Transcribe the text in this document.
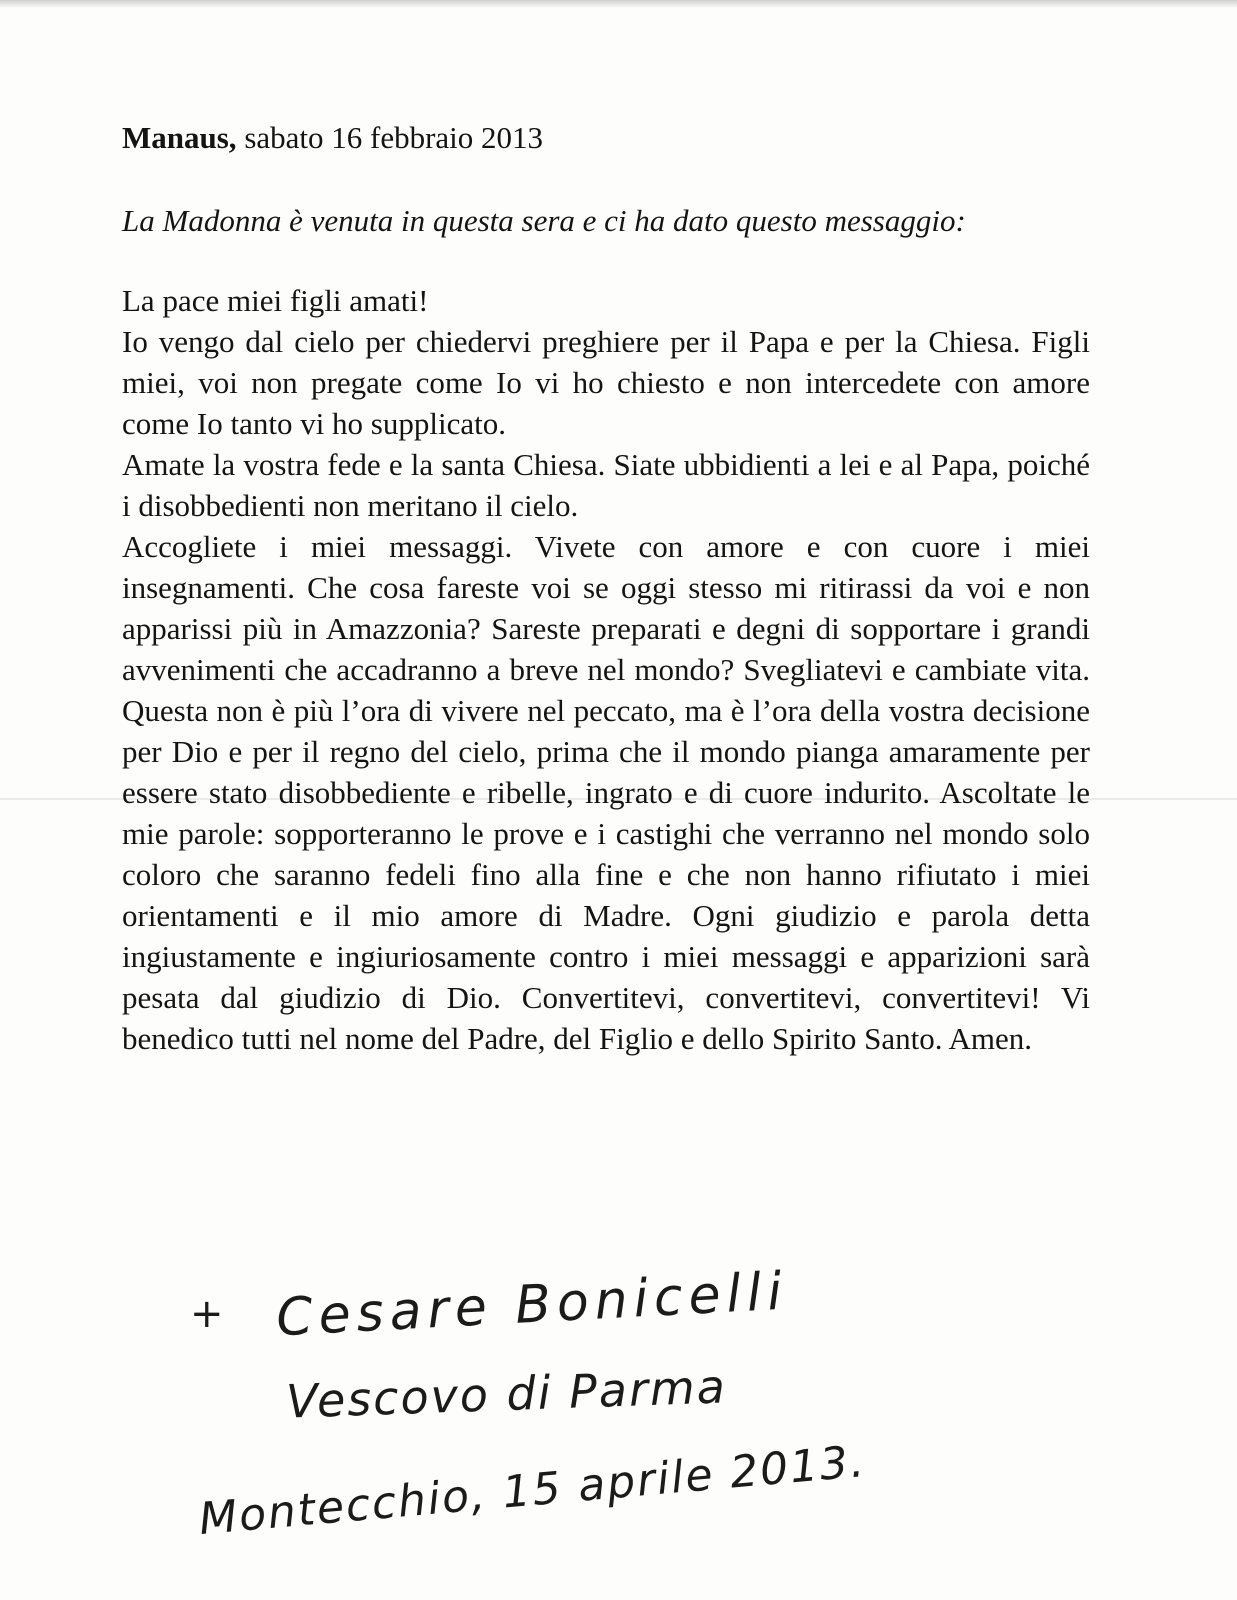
Manaus, sabato 16 febbraio 2013

La Madonna è venuta in questa sera e ci ha dato questo messaggio:

La pace miei figli amati!

Io vengo dal cielo per chiedervi preghiere per il Papa e per la Chiesa. Figli miei, voi non pregate come Io vi ho chiesto e non intercedete con amore come Io tanto vi ho supplicato.

Amate la vostra fede e la santa Chiesa. Siate ubbidienti a lei e al Papa, poiché i disobbedienti non meritano il cielo.

Accogliete i miei messaggi. Vivete con amore e con cuore i miei insegnamenti. Che cosa fareste voi se oggi stesso mi ritirassi da voi e non apparissi più in Amazzonia? Sareste preparati e degni di sopportare i grandi avvenimenti che accadranno a breve nel mondo? Svegliatevi e cambiate vita. Questa non è più l’ora di vivere nel peccato, ma è l’ora della vostra decisione per Dio e per il regno del cielo, prima che il mondo pianga amaramente per essere stato disobbediente e ribelle, ingrato e di cuore indurito. Ascoltate le mie parole: sopporteranno le prove e i castighi che verranno nel mondo solo coloro che saranno fedeli fino alla fine e che non hanno rifiutato i miei orientamenti e il mio amore di Madre. Ogni giudizio e parola detta ingiustamente e ingiuriosamente contro i miei messaggi e apparizioni sarà pesata dal giudizio di Dio. Convertitevi, convertitevi, convertitevi! Vi benedico tutti nel nome del Padre, del Figlio e dello Spirito Santo. Amen.

+ Cesare Bonicelli
Vescovo di Parma
Montecchio, 15 aprile 2013.
